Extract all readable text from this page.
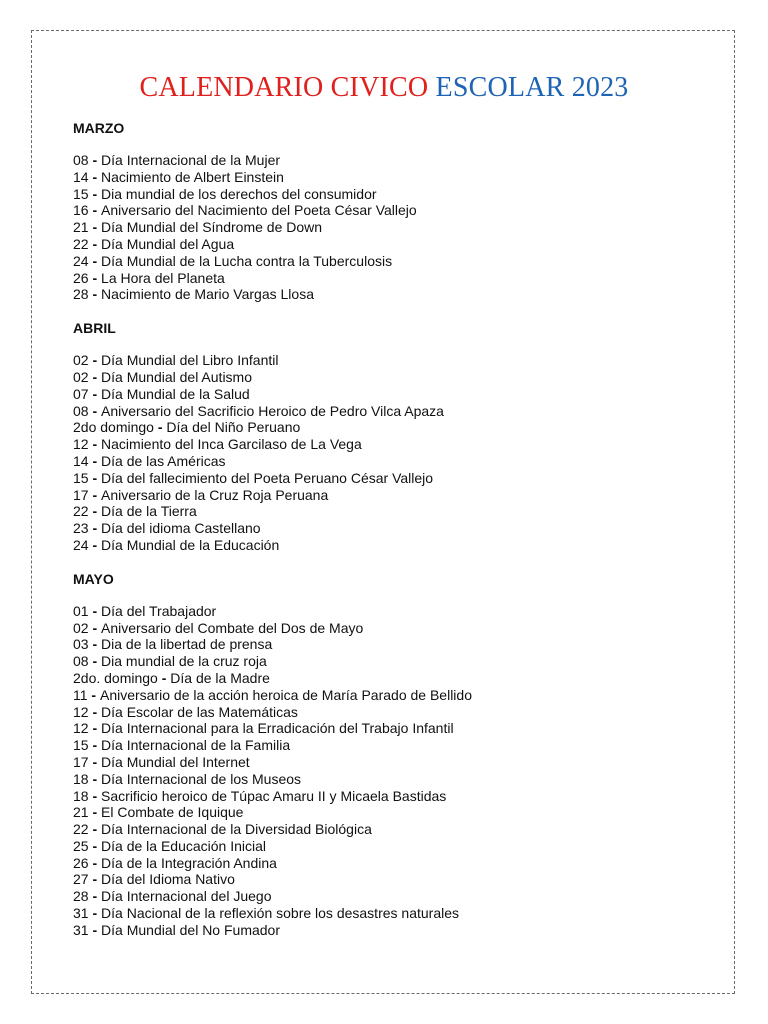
CALENDARIO CIVICO ESCOLAR 2023
MARZO
08 - Día Internacional de la Mujer
14 - Nacimiento de Albert Einstein
15 - Dia mundial de los derechos del consumidor
16 - Aniversario del Nacimiento del Poeta César Vallejo
21 - Día Mundial del Síndrome de Down
22 - Día Mundial del Agua
24 - Día Mundial de la Lucha contra la Tuberculosis
26 - La Hora del Planeta
28 - Nacimiento de Mario Vargas Llosa
ABRIL
02 - Día Mundial del Libro Infantil
02 - Día Mundial del Autismo
07 - Día Mundial de la Salud
08 - Aniversario del Sacrificio Heroico de Pedro Vilca Apaza
2do domingo - Día del Niño Peruano
12 - Nacimiento del Inca Garcilaso de La Vega
14 - Día de las Américas
15 - Día del fallecimiento del Poeta Peruano César Vallejo
17 - Aniversario de la Cruz Roja Peruana
22 - Día de la Tierra
23 - Día del idioma Castellano
24 - Día Mundial de la Educación
MAYO
01 - Día del Trabajador
02 - Aniversario del Combate del Dos de Mayo
03 - Dia de la libertad de prensa
08 - Dia mundial de la cruz roja
2do. domingo - Día de la Madre
11 - Aniversario de la acción heroica de María Parado de Bellido
12 - Día Escolar de las Matemáticas
12 - Día Internacional para la Erradicación del Trabajo Infantil
15 - Día Internacional de la Familia
17 - Día Mundial del Internet
18 - Día Internacional de los Museos
18 - Sacrificio heroico de Túpac Amaru II y Micaela Bastidas
21 - El Combate de Iquique
22 - Día Internacional de la Diversidad Biológica
25 - Día de la Educación Inicial
26 - Día de la Integración Andina
27 - Día del Idioma Nativo
28 - Día Internacional del Juego
31 - Día Nacional de la reflexión sobre los desastres naturales
31 - Día Mundial del No Fumador
